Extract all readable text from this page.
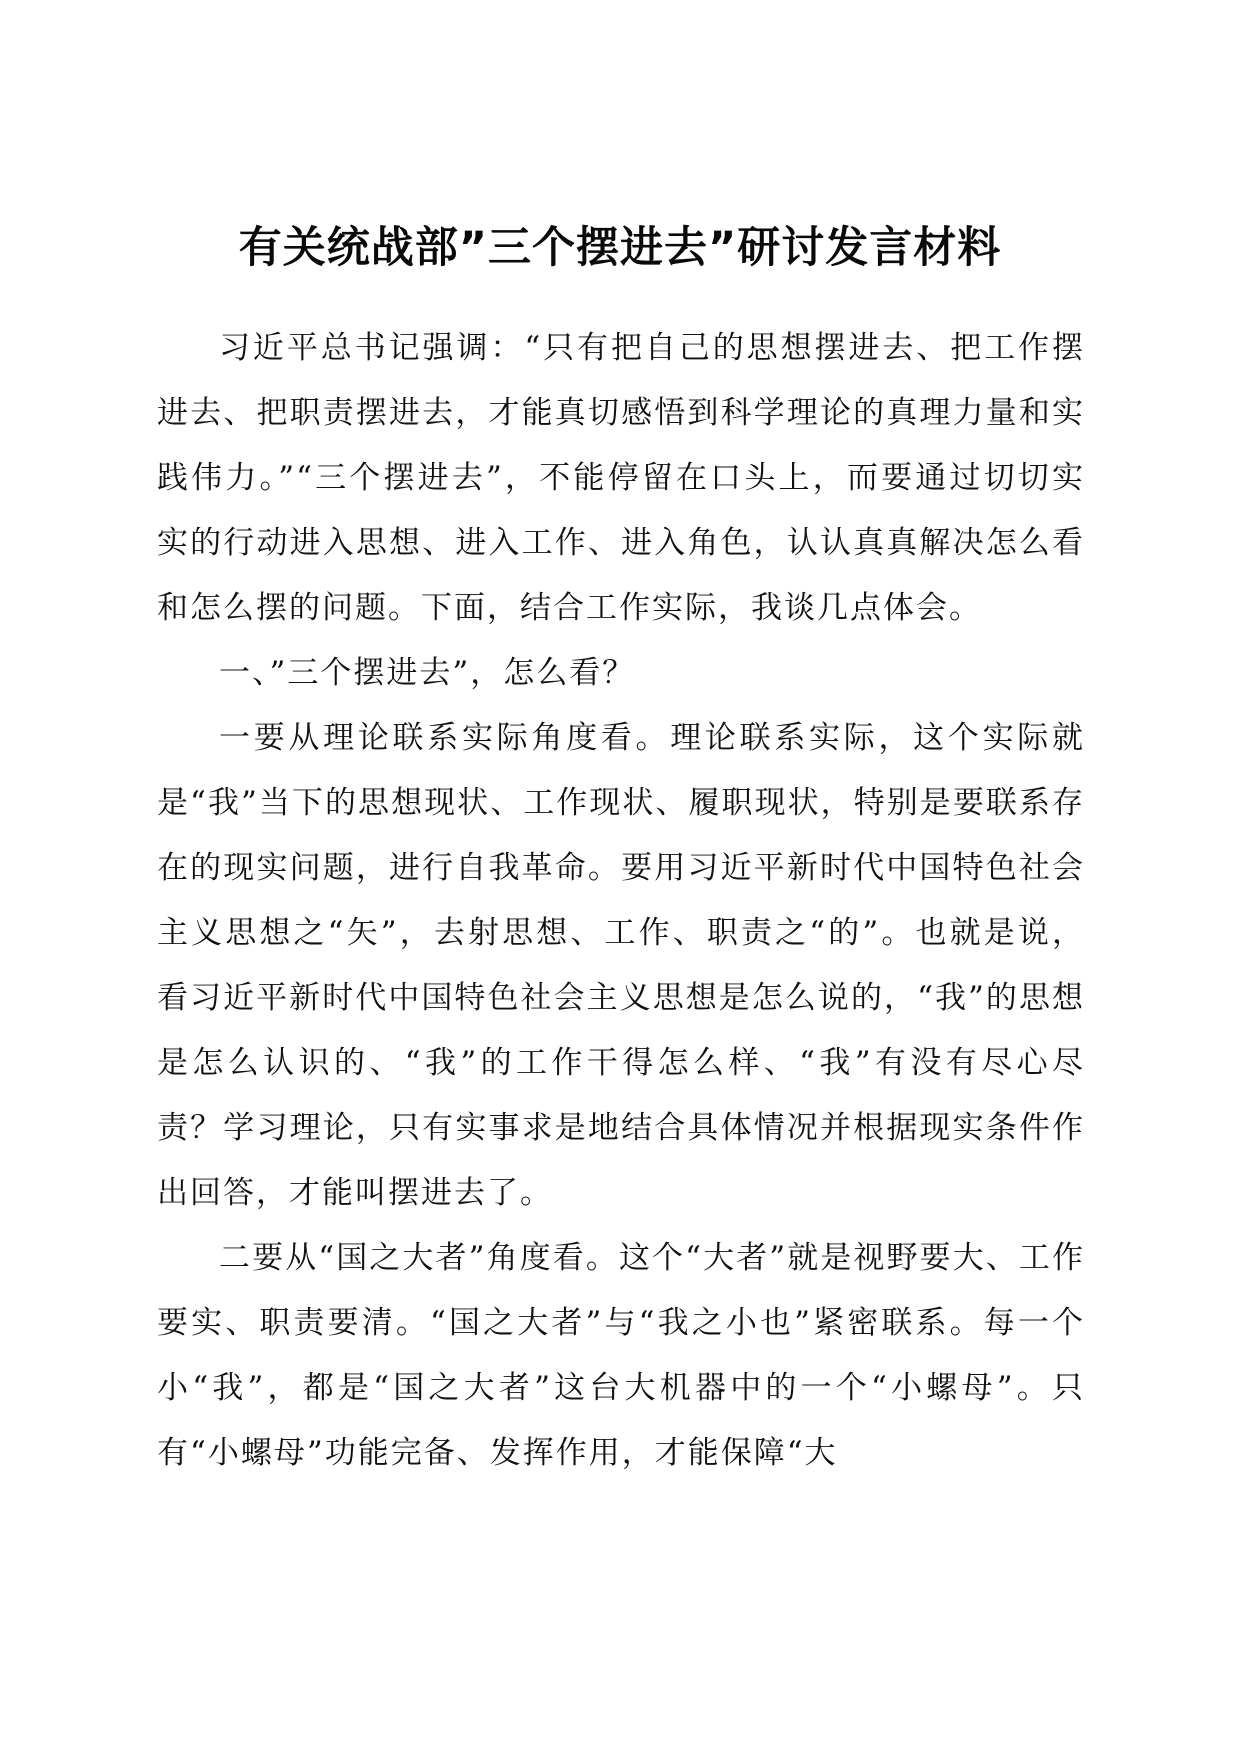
有关统战部”三个摆进去”研讨发言材料

习近平总书记强调：“只有把自己的思想摆进去、把工作摆进去、把职责摆进去，才能真切感悟到科学理论的真理力量和实践伟力。”“三个摆进去”，不能停留在口头上，而要通过切切实实的行动进入思想、进入工作、进入角色，认认真真解决怎么看和怎么摆的问题。下面，结合工作实际，我谈几点体会。

一、”三个摆进去”，怎么看？

一要从理论联系实际角度看。理论联系实际，这个实际就是“我”当下的思想现状、工作现状、履职现状，特别是要联系存在的现实问题，进行自我革命。要用习近平新时代中国特色社会主义思想之“矢”，去射思想、工作、职责之“的”。也就是说，看习近平新时代中国特色社会主义思想是怎么说的，“我”的思想是怎么认识的、“我”的工作干得怎么样、“我”有没有尽心尽责？学习理论，只有实事求是地结合具体情况并根据现实条件作出回答，才能叫摆进去了。

二要从“国之大者”角度看。这个“大者”就是视野要大、工作要实、职责要清。“国之大者”与“我之小也”紧密联系。每一个小“我”，都是“国之大者”这台大机器中的一个“小螺母”。只有“小螺母”功能完备、发挥作用，才能保障“大
